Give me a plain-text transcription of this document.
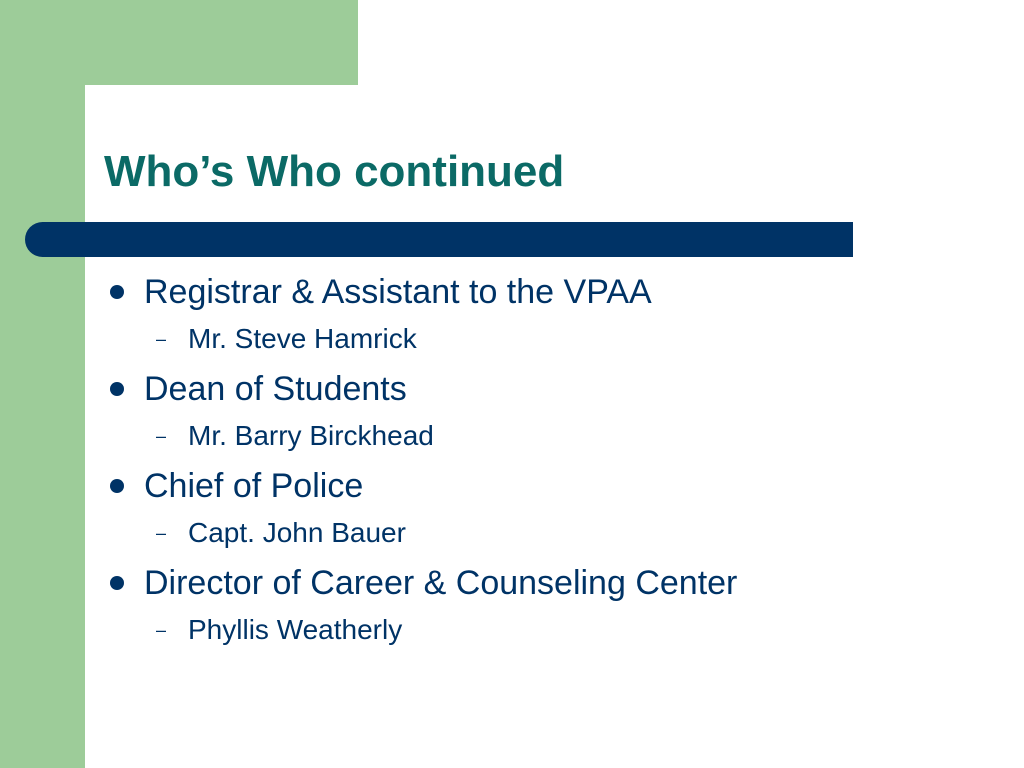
Who’s Who continued
Registrar & Assistant to the VPAA
– Mr. Steve Hamrick
Dean of Students
– Mr. Barry Birckhead
Chief of Police
– Capt. John Bauer
Director of Career & Counseling Center
– Phyllis Weatherly
